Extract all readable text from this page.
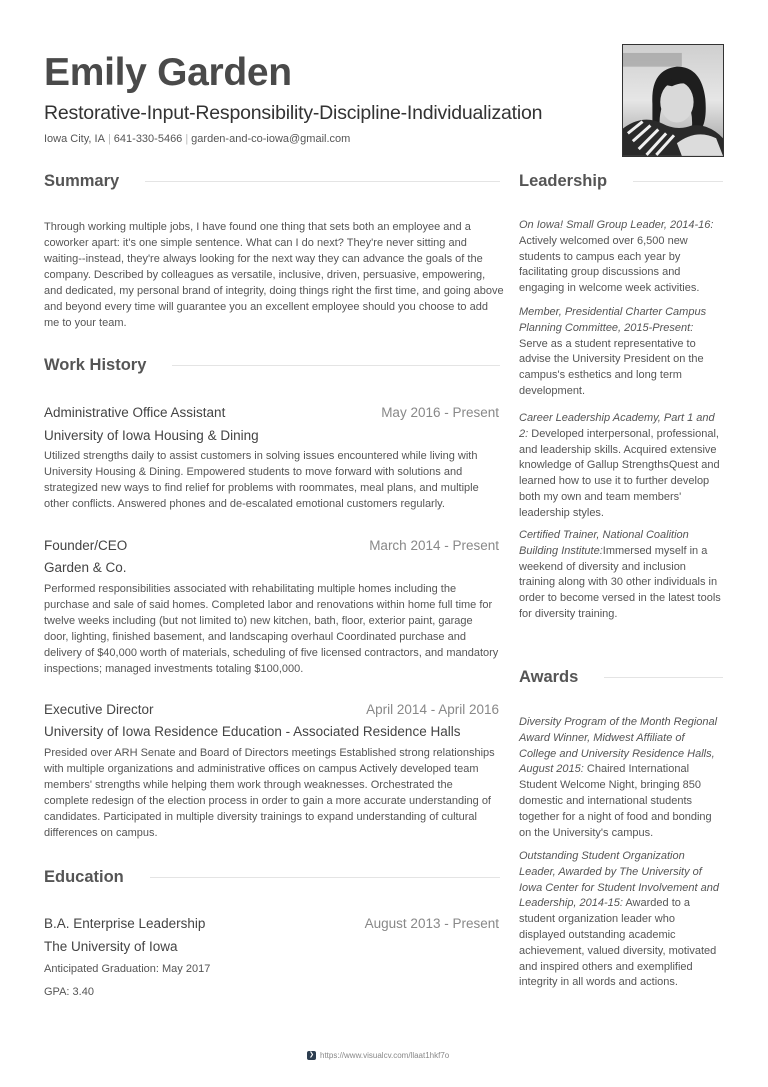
Emily Garden
Restorative-Input-Responsibility-Discipline-Individualization
Iowa City, IA | 641-330-5466 | garden-and-co-iowa@gmail.com
Summary
Through working multiple jobs, I have found one thing that sets both an employee and a coworker apart: it's one simple sentence. What can I do next? They're never sitting and waiting--instead, they're always looking for the next way they can advance the goals of the company. Described by colleagues as versatile, inclusive, driven, persuasive, empowering, and dedicated, my personal brand of integrity, doing things right the first time, and going above and beyond every time will guarantee you an excellent employee should you choose to add me to your team.
Work History
Administrative Office Assistant	May 2016 - Present
University of Iowa Housing & Dining
Utilized strengths daily to assist customers in solving issues encountered while living with University Housing & Dining. Empowered students to move forward with solutions and strategized new ways to find relief for problems with roommates, meal plans, and multiple other conflicts. Answered phones and de-escalated emotional customers regularly.
Founder/CEO	March 2014 - Present
Garden & Co.
Performed responsibilities associated with rehabilitating multiple homes including the purchase and sale of said homes. Completed labor and renovations within home full time for twelve weeks including (but not limited to) new kitchen, bath, floor, exterior paint, garage door, lighting, finished basement, and landscaping overhaul Coordinated purchase and delivery of $40,000 worth of materials, scheduling of five licensed contractors, and mandatory inspections; managed investments totaling $100,000.
Executive Director	April 2014 - April 2016
University of Iowa Residence Education - Associated Residence Halls
Presided over ARH Senate and Board of Directors meetings Established strong relationships with multiple organizations and administrative offices on campus Actively developed team members' strengths while helping them work through weaknesses. Orchestrated the complete redesign of the election process in order to gain a more accurate understanding of candidates. Participated in multiple diversity trainings to expand understanding of cultural differences on campus.
Education
B.A. Enterprise Leadership	August 2013 - Present
The University of Iowa
Anticipated Graduation: May 2017
GPA: 3.40
Leadership
On Iowa! Small Group Leader, 2014-16: Actively welcomed over 6,500 new students to campus each year by facilitating group discussions and engaging in welcome week activities.
Member, Presidential Charter Campus Planning Committee, 2015-Present: Serve as a student representative to advise the University President on the campus's esthetics and long term development.
Career Leadership Academy, Part 1 and 2: Developed interpersonal, professional, and leadership skills. Acquired extensive knowledge of Gallup StrengthsQuest and learned how to use it to further develop both my own and team members' leadership styles.
Certified Trainer, National Coalition Building Institute:Immersed myself in a weekend of diversity and inclusion training along with 30 other individuals in order to become versed in the latest tools for diversity training.
Awards
Diversity Program of the Month Regional Award Winner, Midwest Affiliate of College and University Residence Halls, August 2015: Chaired International Student Welcome Night, bringing 850 domestic and international students together for a night of food and bonding on the University's campus.
Outstanding Student Organization Leader, Awarded by The University of Iowa Center for Student Involvement and Leadership, 2014-15: Awarded to a student organization leader who displayed outstanding academic achievement, valued diversity, motivated and inspired others and exemplified integrity in all words and actions.
❯ https://www.visualcv.com/llaat1hkf7o
